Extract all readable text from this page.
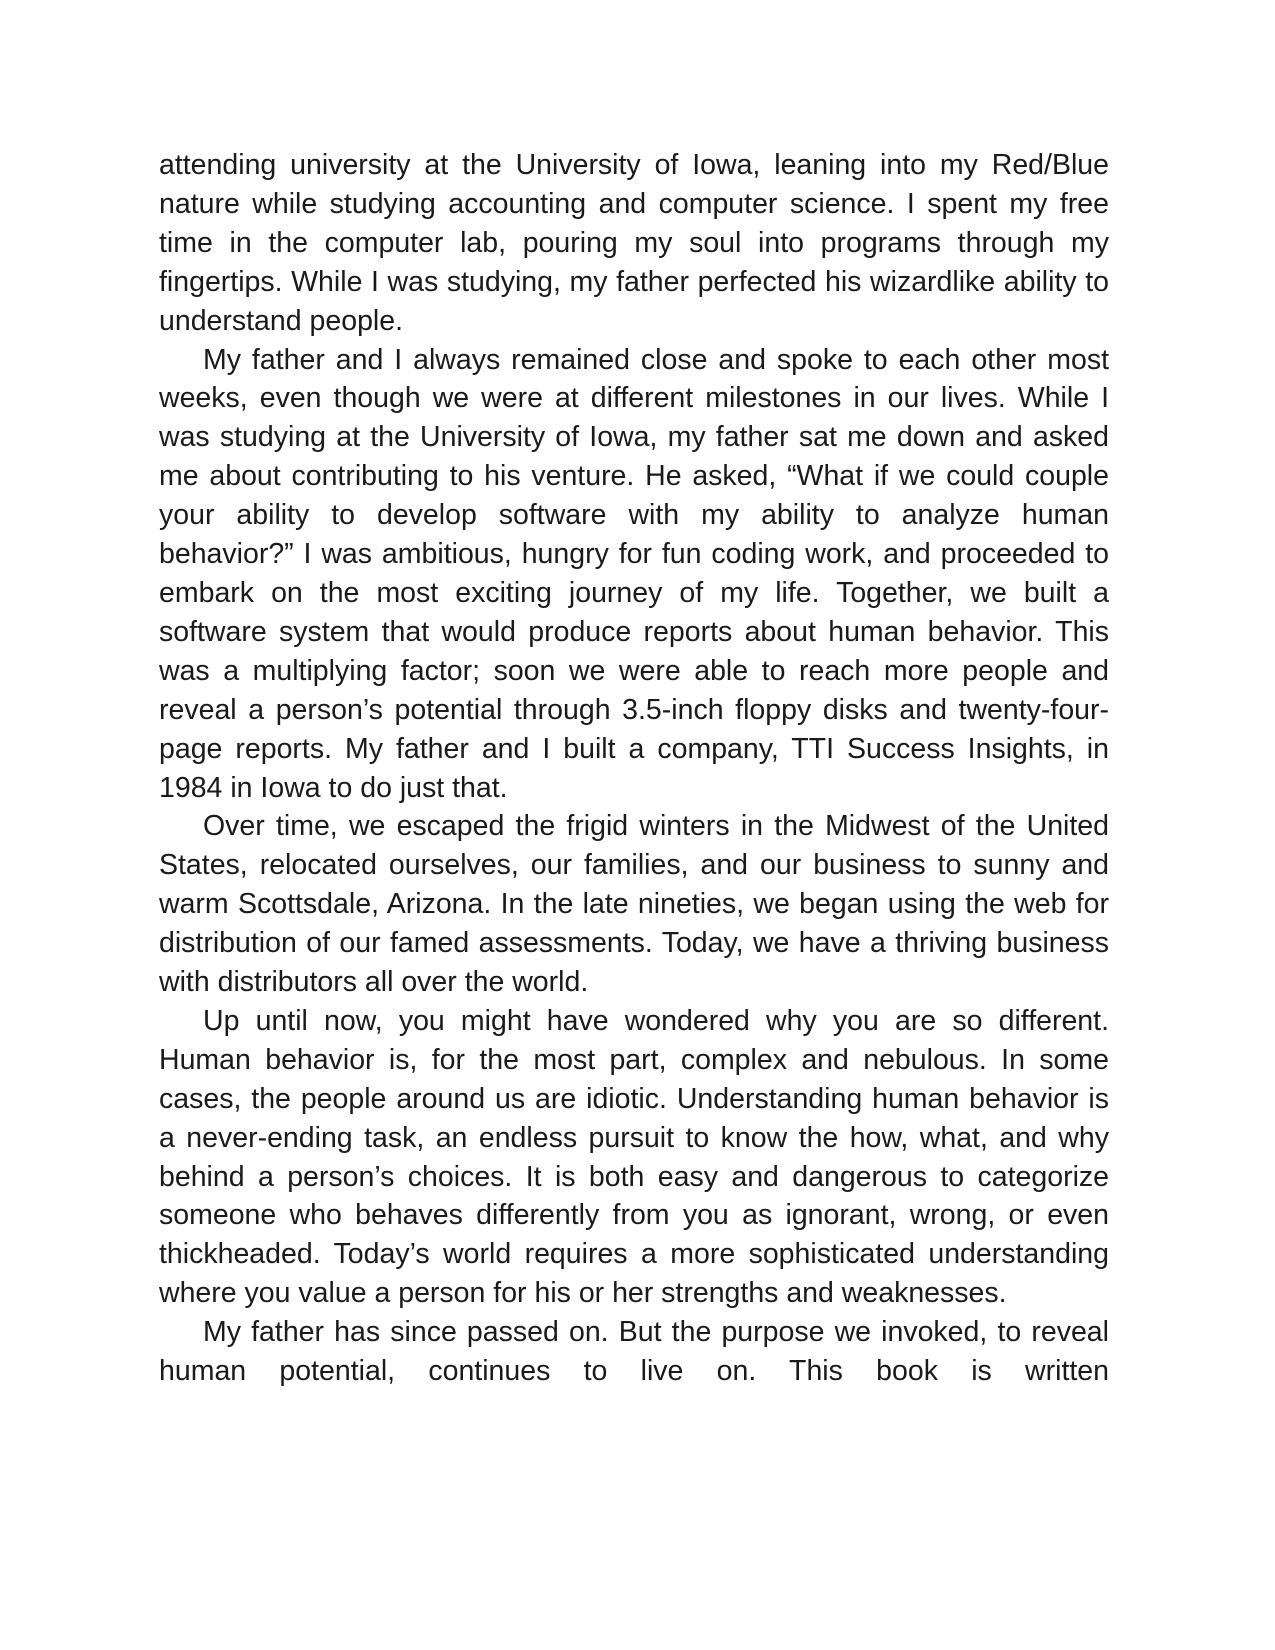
attending university at the University of Iowa, leaning into my Red/Blue nature while studying accounting and computer science. I spent my free time in the computer lab, pouring my soul into programs through my fingertips. While I was studying, my father perfected his wizardlike ability to understand people.

My father and I always remained close and spoke to each other most weeks, even though we were at different milestones in our lives. While I was studying at the University of Iowa, my father sat me down and asked me about contributing to his venture. He asked, “What if we could couple your ability to develop software with my ability to analyze human behavior?” I was ambitious, hungry for fun coding work, and proceeded to embark on the most exciting journey of my life. Together, we built a software system that would produce reports about human behavior. This was a multiplying factor; soon we were able to reach more people and reveal a person’s potential through 3.5-inch floppy disks and twenty-four-page reports. My father and I built a company, TTI Success Insights, in 1984 in Iowa to do just that.

Over time, we escaped the frigid winters in the Midwest of the United States, relocated ourselves, our families, and our business to sunny and warm Scottsdale, Arizona. In the late nineties, we began using the web for distribution of our famed assessments. Today, we have a thriving business with distributors all over the world.

Up until now, you might have wondered why you are so different. Human behavior is, for the most part, complex and nebulous. In some cases, the people around us are idiotic. Understanding human behavior is a never-ending task, an endless pursuit to know the how, what, and why behind a person’s choices. It is both easy and dangerous to categorize someone who behaves differently from you as ignorant, wrong, or even thickheaded. Today’s world requires a more sophisticated understanding where you value a person for his or her strengths and weaknesses.

My father has since passed on. But the purpose we invoked, to reveal human potential, continues to live on. This book is written
